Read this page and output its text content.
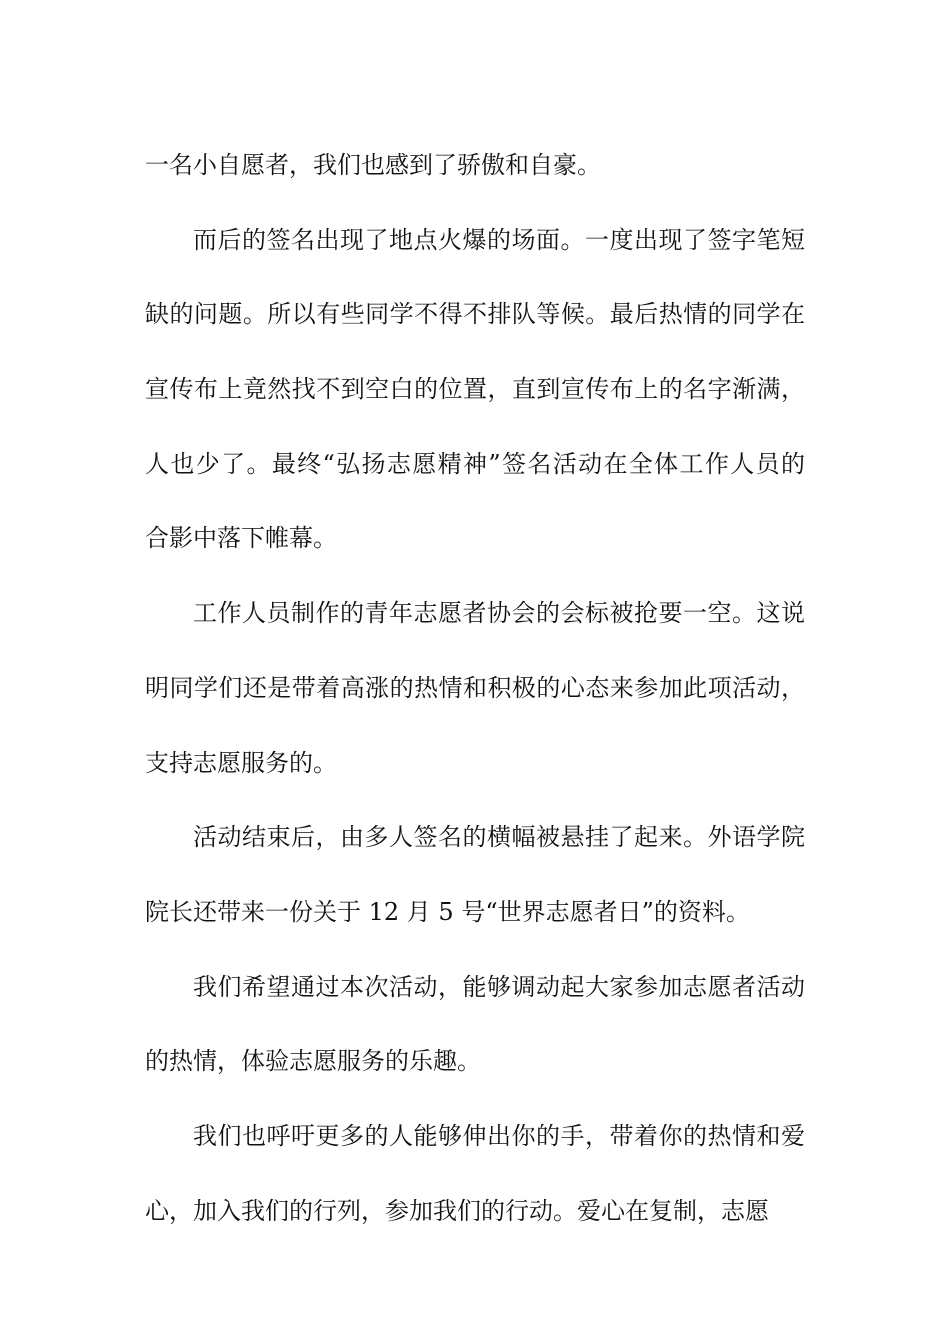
一名小自愿者，我们也感到了骄傲和自豪。
而后的签名出现了地点火爆的场面。一度出现了签字笔短
缺的问题。所以有些同学不得不排队等候。最后热情的同学在
宣传布上竟然找不到空白的位置，直到宣传布上的名字渐满，
人也少了。最终“弘扬志愿精神”签名活动在全体工作人员的
合影中落下帷幕。
工作人员制作的青年志愿者协会的会标被抢要一空。这说
明同学们还是带着高涨的热情和积极的心态来参加此项活动，
支持志愿服务的。
活动结束后，由多人签名的横幅被悬挂了起来。外语学院
院长还带来一份关于 12 月 5 号“世界志愿者日”的资料。
我们希望通过本次活动，能够调动起大家参加志愿者活动
的热情，体验志愿服务的乐趣。
我们也呼吁更多的人能够伸出你的手，带着你的热情和爱
心，加入我们的行列，参加我们的行动。爱心在复制，志愿
